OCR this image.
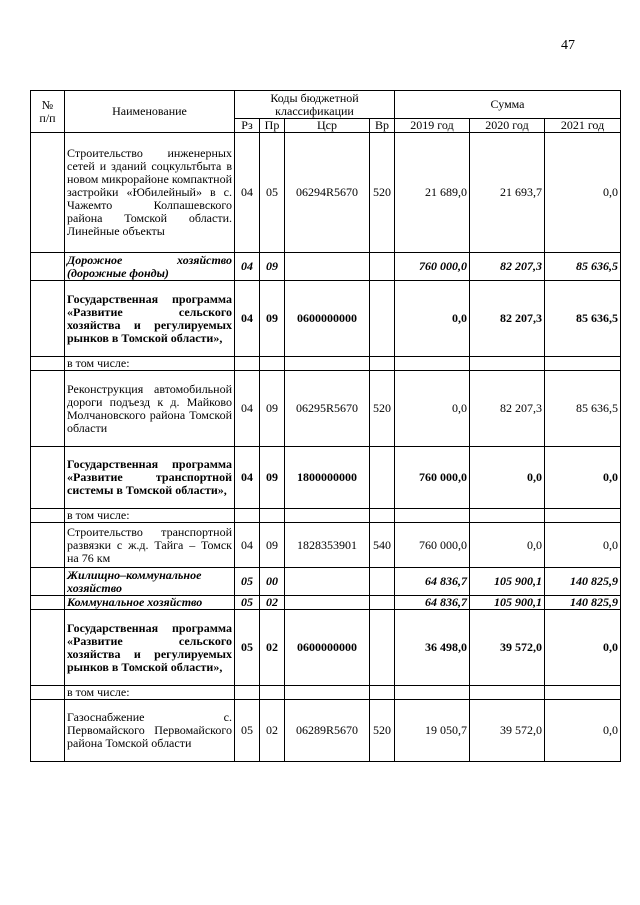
47
№
п/п	Наименование	Коды бюджетной классификации				Сумма		
		Рз	Пр	Цср	Вр	2019 год	2020 год	2021 год
	Строительство инженерных сетей и зданий соцкультбыта в новом микрорайоне компактной застройки «Юбилейный» в с. Чажемто Колпашевского района Томской области. Линейные объекты	04	05	06294R5670	520	21 689,0	21 693,7	0,0
	Дорожное хозяйство (дорожные фонды)	04	09			760 000,0	82 207,3	85 636,5
	Государственная программа «Развитие сельского хозяйства и регулируемых рынков в Томской области»,	04	09	0600000000		0,0	82 207,3	85 636,5
	в том числе:							
	Реконструкция автомобильной дороги подъезд к д. Майково Молчановского района Томской области	04	09	06295R5670	520	0,0	82 207,3	85 636,5
	Государственная программа «Развитие транспортной системы в Томской области»,	04	09	1800000000		760 000,0	0,0	0,0
	в том числе:							
	Строительство транспортной развязки с ж.д. Тайга – Томск на 76 км	04	09	1828353901	540	760 000,0	0,0	0,0
	Жилищно–коммунальное хозяйство	05	00			64 836,7	105 900,1	140 825,9
	Коммунальное хозяйство	05	02			64 836,7	105 900,1	140 825,9
	Государственная программа «Развитие сельского хозяйства и регулируемых рынков в Томской области»,	05	02	0600000000		36 498,0	39 572,0	0,0
	в том числе:							
	Газоснабжение с. Первомайского Первомайского района Томской области	05	02	06289R5670	520	19 050,7	39 572,0	0,0
